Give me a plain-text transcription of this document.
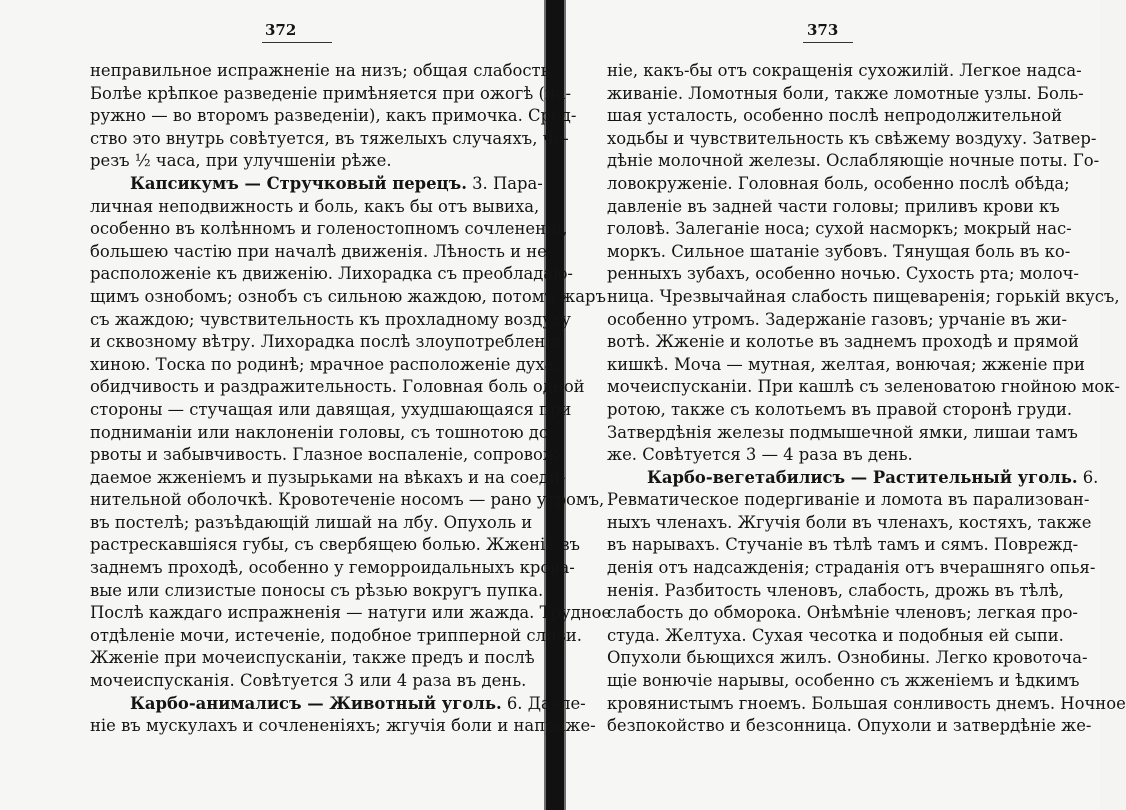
372	373
неправильное испражненіе на низъ; общая слабость.
Болѣе крѣпкое разведеніе примѣняется при ожогѣ (на-
ружно — во второмъ разведеніи), какъ примочка. Сред-
ство это внутрь совѣтуется, въ тяжелыхъ случаяхъ, че-
резъ ½ часа, при улучшеніи рѣже.
Капсикумъ — Стручковый перецъ. 3. Пара-
личная неподвижность и боль, какъ бы отъ вывиха,
особенно въ колѣнномъ и голеностопномъ сочлененіи,
большею частію при началѣ движенія. Лѣность и не-
расположеніе къ движенію. Лихорадка съ преобладаю-
щимъ ознобомъ; ознобъ съ сильною жаждою, потомъ жаръ
съ жаждою; чувствительность къ прохладному воздуху
и сквозному вѣтру. Лихорадка послѣ злоупотребленія
хиною. Тоска по родинѣ; мрачное расположеніе духа,
обидчивость и раздражительность. Головная боль одной
стороны — стучащая или давящая, ухудшающаяся при
подниманіи или наклоненіи головы, съ тошнотою до
рвоты и забывчивость. Глазное воспаленіе, сопровож-
даемое жженіемъ и пузырьками на вѣкахъ и на соеди-
нительной оболочкѣ. Кровотеченіе носомъ — рано утромъ,
въ постелѣ; разъѣдающій лишай на лбу. Опухоль и
растрескавшіяся губы, съ свербящею болью. Жженіе въ
заднемъ проходѣ, особенно у геморроидальныхъ крова-
вые или слизистые поносы съ рѣзью вокругъ пупка.
Послѣ каждаго испражненія — натуги или жажда. Трудное
отдѣленіе мочи, истеченіе, подобное трипперной слизи.
Жженіе при мочеиспусканіи, также предъ и послѣ
мочеиспусканія. Совѣтуется 3 или 4 раза въ день.
Карбо-анималисъ — Животный уголь. 6. Давле-
ніе въ мускулахъ и сочлененіяхъ; жгучія боли и напраже-
ніе, какъ-бы отъ сокращенія сухожилій. Легкое надса-
живаніе. Ломотныя боли, также ломотные узлы. Боль-
шая усталость, особенно послѣ непродолжительной
ходьбы и чувствительность къ свѣжему воздуху. Затвер-
дѣніе молочной железы. Ослабляющіе ночные поты. Го-
ловокруженіе. Головная боль, особенно послѣ обѣда;
давленіе въ задней части головы; приливъ крови къ
головѣ. Залеганіе носа; сухой насморкъ; мокрый нас-
моркъ. Сильное шатаніе зубовъ. Тянущая боль въ ко-
ренныхъ зубахъ, особенно ночью. Сухость рта; молоч-
ница. Чрезвычайная слабость пищеваренія; горькій вкусъ,
особенно утромъ. Задержаніе газовъ; урчаніе въ жи-
вотѣ. Жженіе и колотье въ заднемъ проходѣ и прямой
кишкѣ. Моча — мутная, желтая, вонючая; жженіе при
мочеиспусканіи. При кашлѣ съ зеленоватою гнойною мок-
ротою, также съ колотьемъ въ правой сторонѣ груди.
Затвердѣнія железы подмышечной ямки, лишаи тамъ
же. Совѣтуется 3 — 4 раза въ день.
Карбо-вегетабилисъ — Растительный уголь. 6.
Ревматическое подергиваніе и ломота въ парализован-
ныхъ членахъ. Жгучія боли въ членахъ, костяхъ, также
въ нарывахъ. Стучаніе въ тѣлѣ тамъ и сямъ. Поврежд-
денія отъ надсажденія; страданія отъ вчерашняго опья-
ненія. Разбитость членовъ, слабость, дрожь въ тѣлѣ,
слабость до обморока. Онѣмѣніе членовъ; легкая про-
студа. Желтуха. Сухая чесотка и подобныя ей сыпи.
Опухоли бьющихся жилъ. Ознобины. Легко кровоточа-
щіе вонючіе нарывы, особенно съ жженіемъ и ѣдкимъ
кровянистымъ гноемъ. Большая сонливость днемъ. Ночное
безпокойство и безсонница. Опухоли и затвердѣніе же-
